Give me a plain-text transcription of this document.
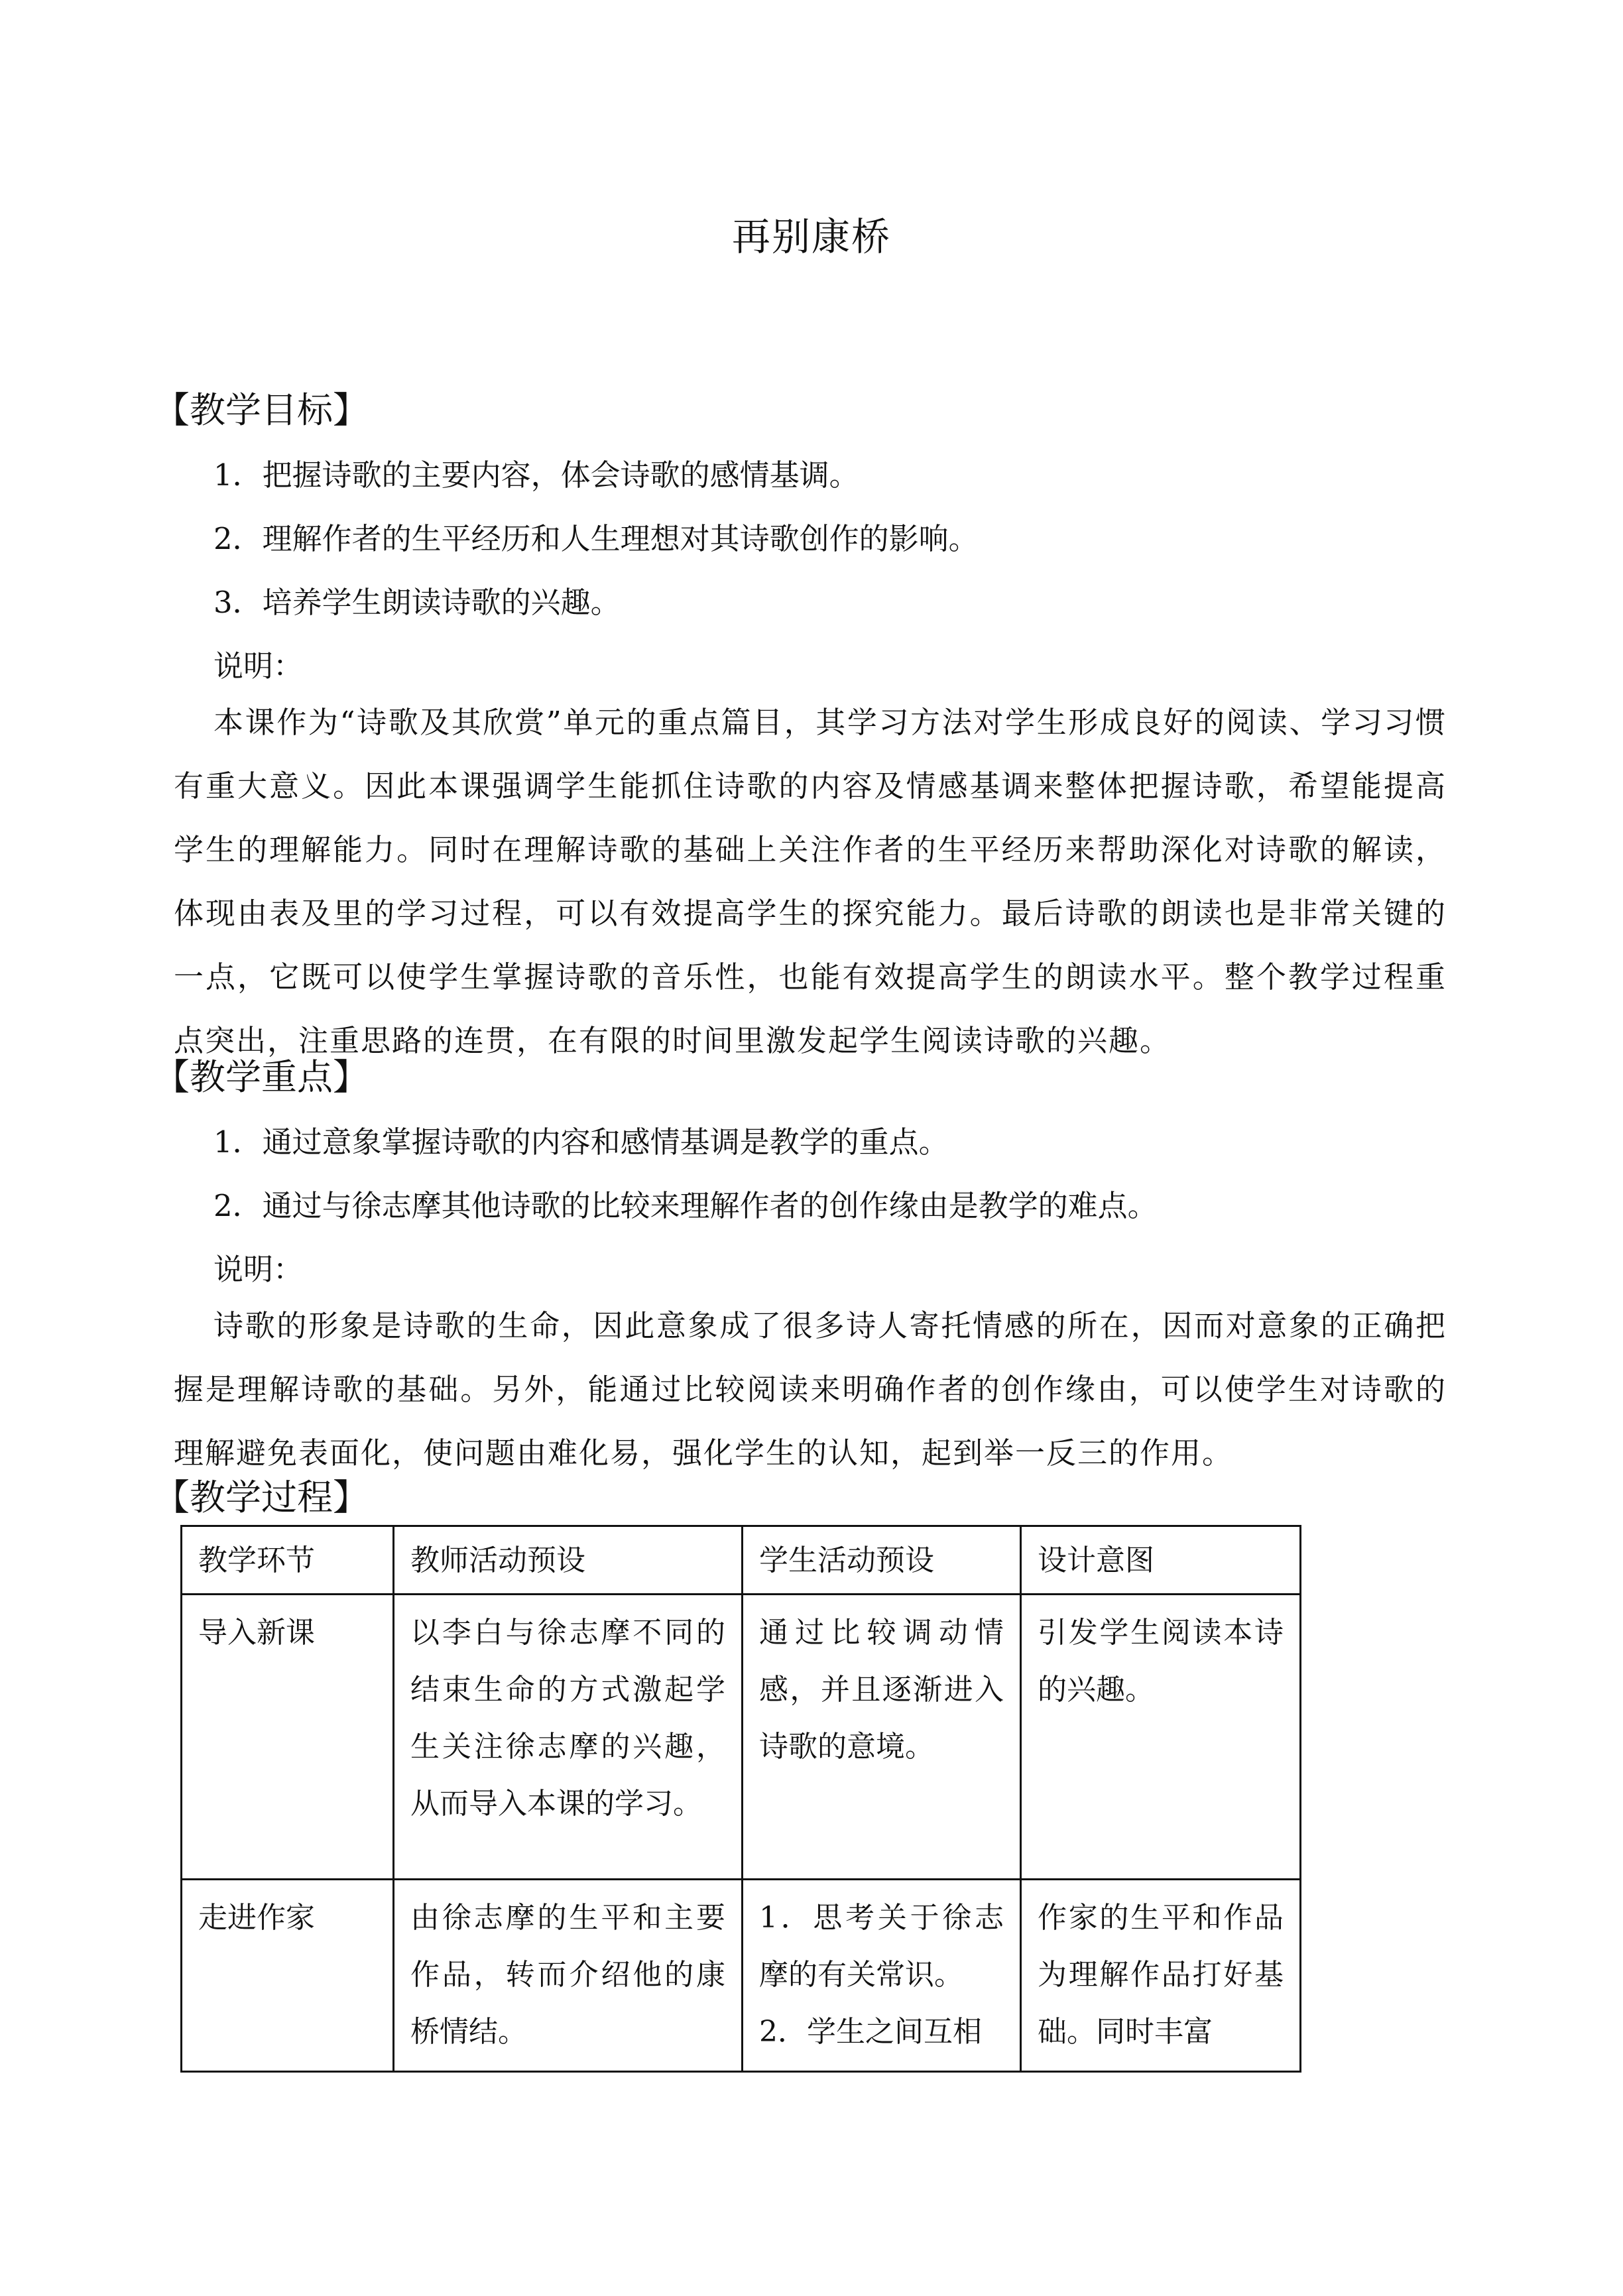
再别康桥
【教学目标】
1．把握诗歌的主要内容，体会诗歌的感情基调。
2．理解作者的生平经历和人生理想对其诗歌创作的影响。
3．培养学生朗读诗歌的兴趣。
说明：

本课作为“诗歌及其欣赏”单元的重点篇目，其学习方法对学生形成良好的阅读、学习习惯有重大意义。因此本课强调学生能抓住诗歌的内容及情感基调来整体把握诗歌，希望能提高学生的理解能力。同时在理解诗歌的基础上关注作者的生平经历来帮助深化对诗歌的解读，体现由表及里的学习过程，可以有效提高学生的探究能力。最后诗歌的朗读也是非常关键的一点，它既可以使学生掌握诗歌的音乐性，也能有效提高学生的朗读水平。整个教学过程重点突出，注重思路的连贯，在有限的时间里激发起学生阅读诗歌的兴趣。

【教学重点】
1．通过意象掌握诗歌的内容和感情基调是教学的重点。
2．通过与徐志摩其他诗歌的比较来理解作者的创作缘由是教学的难点。
说明：

诗歌的形象是诗歌的生命，因此意象成了很多诗人寄托情感的所在，因而对意象的正确把握是理解诗歌的基础。另外，能通过比较阅读来明确作者的创作缘由，可以使学生对诗歌的理解避免表面化，使问题由难化易，强化学生的认知，起到举一反三的作用。

【教学过程】
教学环节	教师活动预设	学生活动预设	设计意图

导入新课	以李白与徐志摩不同的结束生命的方式激起学生关注徐志摩的兴趣，从而导入本课的学习。	通过比较调动情感，并且逐渐进入诗歌的意境。	引发学生阅读本诗的兴趣。

走进作家	由徐志摩的生平和主要作品，转而介绍他的康桥情结。	1．思考关于徐志摩的有关常识。
2．学生之间互相	作家的生平和作品为理解作品打好基础。同时丰富
